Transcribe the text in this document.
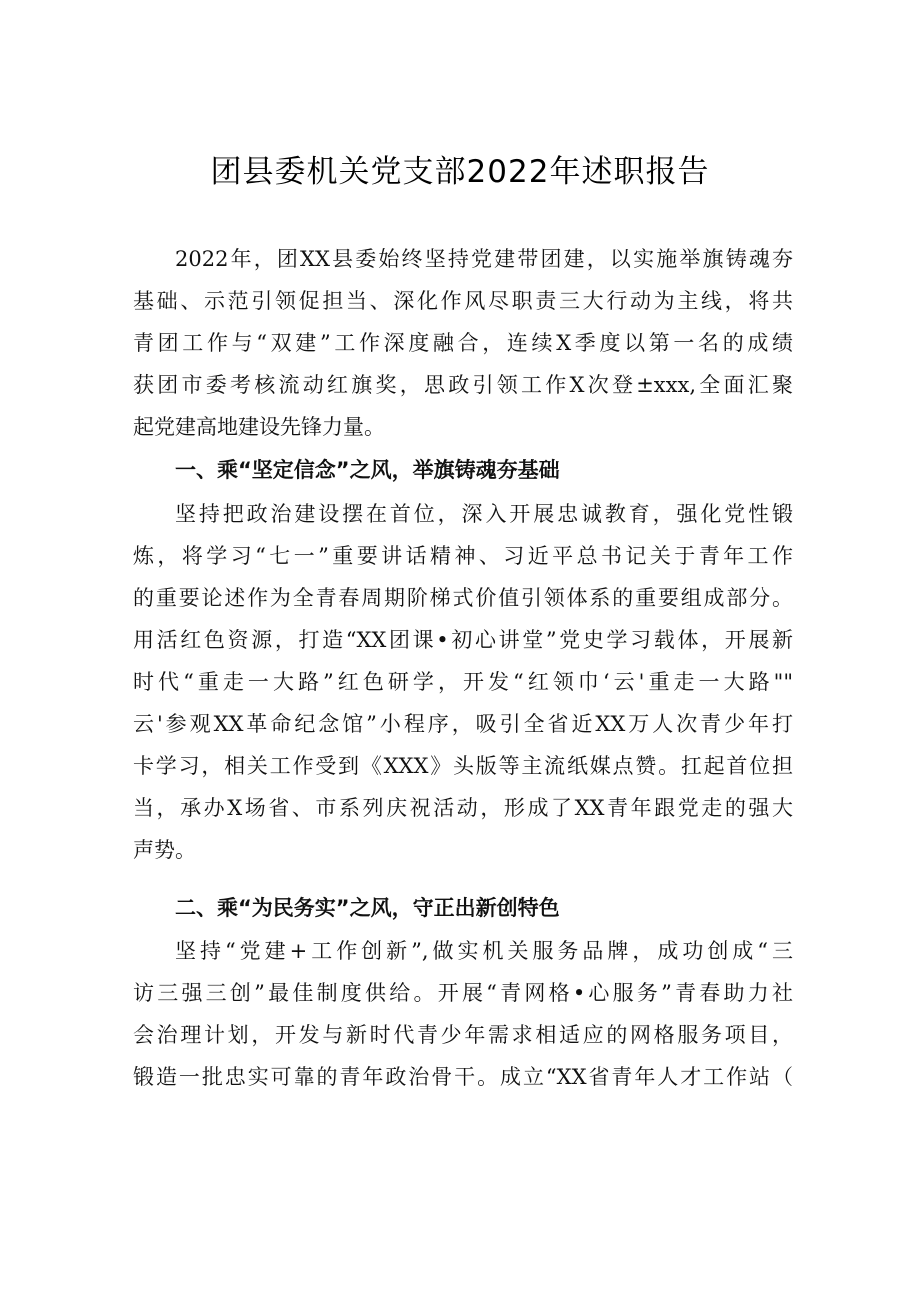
团县委机关党支部2022年述职报告
2022年，团XX县委始终坚持党建带团建，以实施举旗铸魂夯
基础、示范引领促担当、深化作风尽职责三大行动为主线，将共
青团工作与“双建”工作深度融合，连续X季度以第一名的成绩
获团市委考核流动红旗奖，思政引领工作X次登±xxx,全面汇聚
起党建高地建设先锋力量。
一、乘“坚定信念”之风，举旗铸魂夯基础
坚持把政治建设摆在首位，深入开展忠诚教育，强化党性锻
炼，将学习“七一”重要讲话精神、习近平总书记关于青年工作
的重要论述作为全青春周期阶梯式价值引领体系的重要组成部分。
用活红色资源，打造“XX团课•初心讲堂”党史学习载体，开展新
时代“重走一大路”红色研学，开发“红领巾‘云'重走一大路""
云'参观XX革命纪念馆”小程序，吸引全省近XX万人次青少年打
卡学习，相关工作受到《XXX》头版等主流纸媒点赞。扛起首位担
当，承办X场省、市系列庆祝活动，形成了XX青年跟党走的强大
声势。
二、乘“为民务实”之风，守正出新创特色
坚持“党建+工作创新”,做实机关服务品牌，成功创成“三
访三强三创”最佳制度供给。开展“青网格•心服务”青春助力社
会治理计划，开发与新时代青少年需求相适应的网格服务项目，
锻造一批忠实可靠的青年政治骨干。成立“XX省青年人才工作站（
